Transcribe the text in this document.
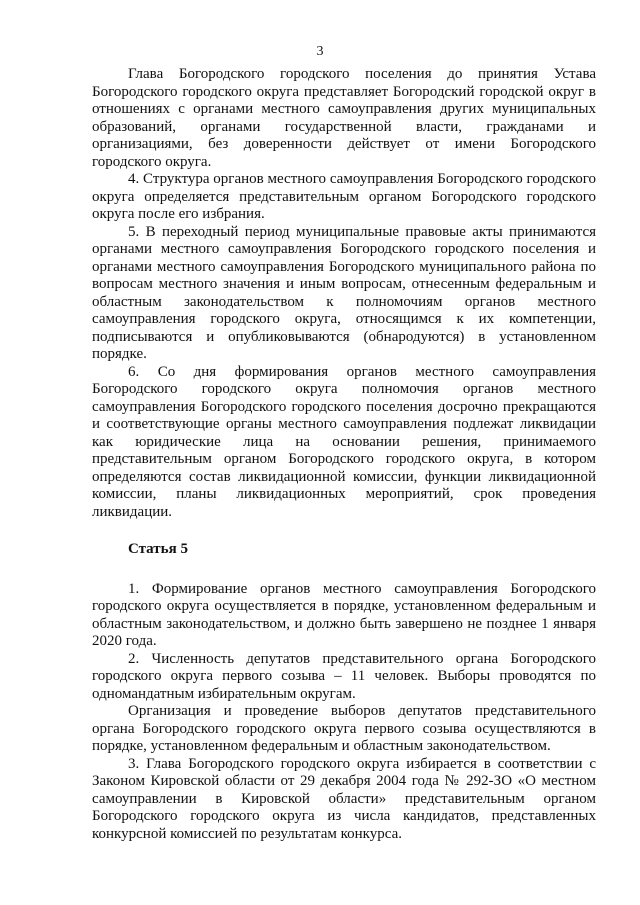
3

Глава Богородского городского поселения до принятия Устава Богородского городского округа представляет Богородский городской округ в отношениях с органами местного самоуправления других муниципальных образований, органами государственной власти, гражданами и организациями, без доверенности действует от имени Богородского городского округа.

4. Структура органов местного самоуправления Богородского городского округа определяется представительным органом Богородского городского округа после его избрания.

5. В переходный период муниципальные правовые акты принимаются органами местного самоуправления Богородского городского поселения и органами местного самоуправления Богородского муниципального района по вопросам местного значения и иным вопросам, отнесенным федеральным и областным законодательством к полномочиям органов местного самоуправления городского округа, относящимся к их компетенции, подписываются и опубликовываются (обнародуются) в установленном порядке.

6. Со дня формирования органов местного самоуправления Богородского городского округа полномочия органов местного самоуправления Богородского городского поселения досрочно прекращаются и соответствующие органы местного самоуправления подлежат ликвидации как юридические лица на основании решения, принимаемого представительным органом Богородского городского округа, в котором определяются состав ликвидационной комиссии, функции ликвидационной комиссии, планы ликвидационных мероприятий, срок проведения ликвидации.

Статья 5

1. Формирование органов местного самоуправления Богородского городского округа осуществляется в порядке, установленном федеральным и областным законодательством, и должно быть завершено не позднее 1 января 2020 года.

2. Численность депутатов представительного органа Богородского городского округа первого созыва – 11 человек. Выборы проводятся по одномандатным избирательным округам.

Организация и проведение выборов депутатов представительного органа Богородского городского округа первого созыва осуществляются в порядке, установленном федеральным и областным законодательством.

3. Глава Богородского городского округа избирается в соответствии с Законом Кировской области от 29 декабря 2004 года № 292-ЗО «О местном самоуправлении в Кировской области» представительным органом Богородского городского округа из числа кандидатов, представленных конкурсной комиссией по результатам конкурса.
